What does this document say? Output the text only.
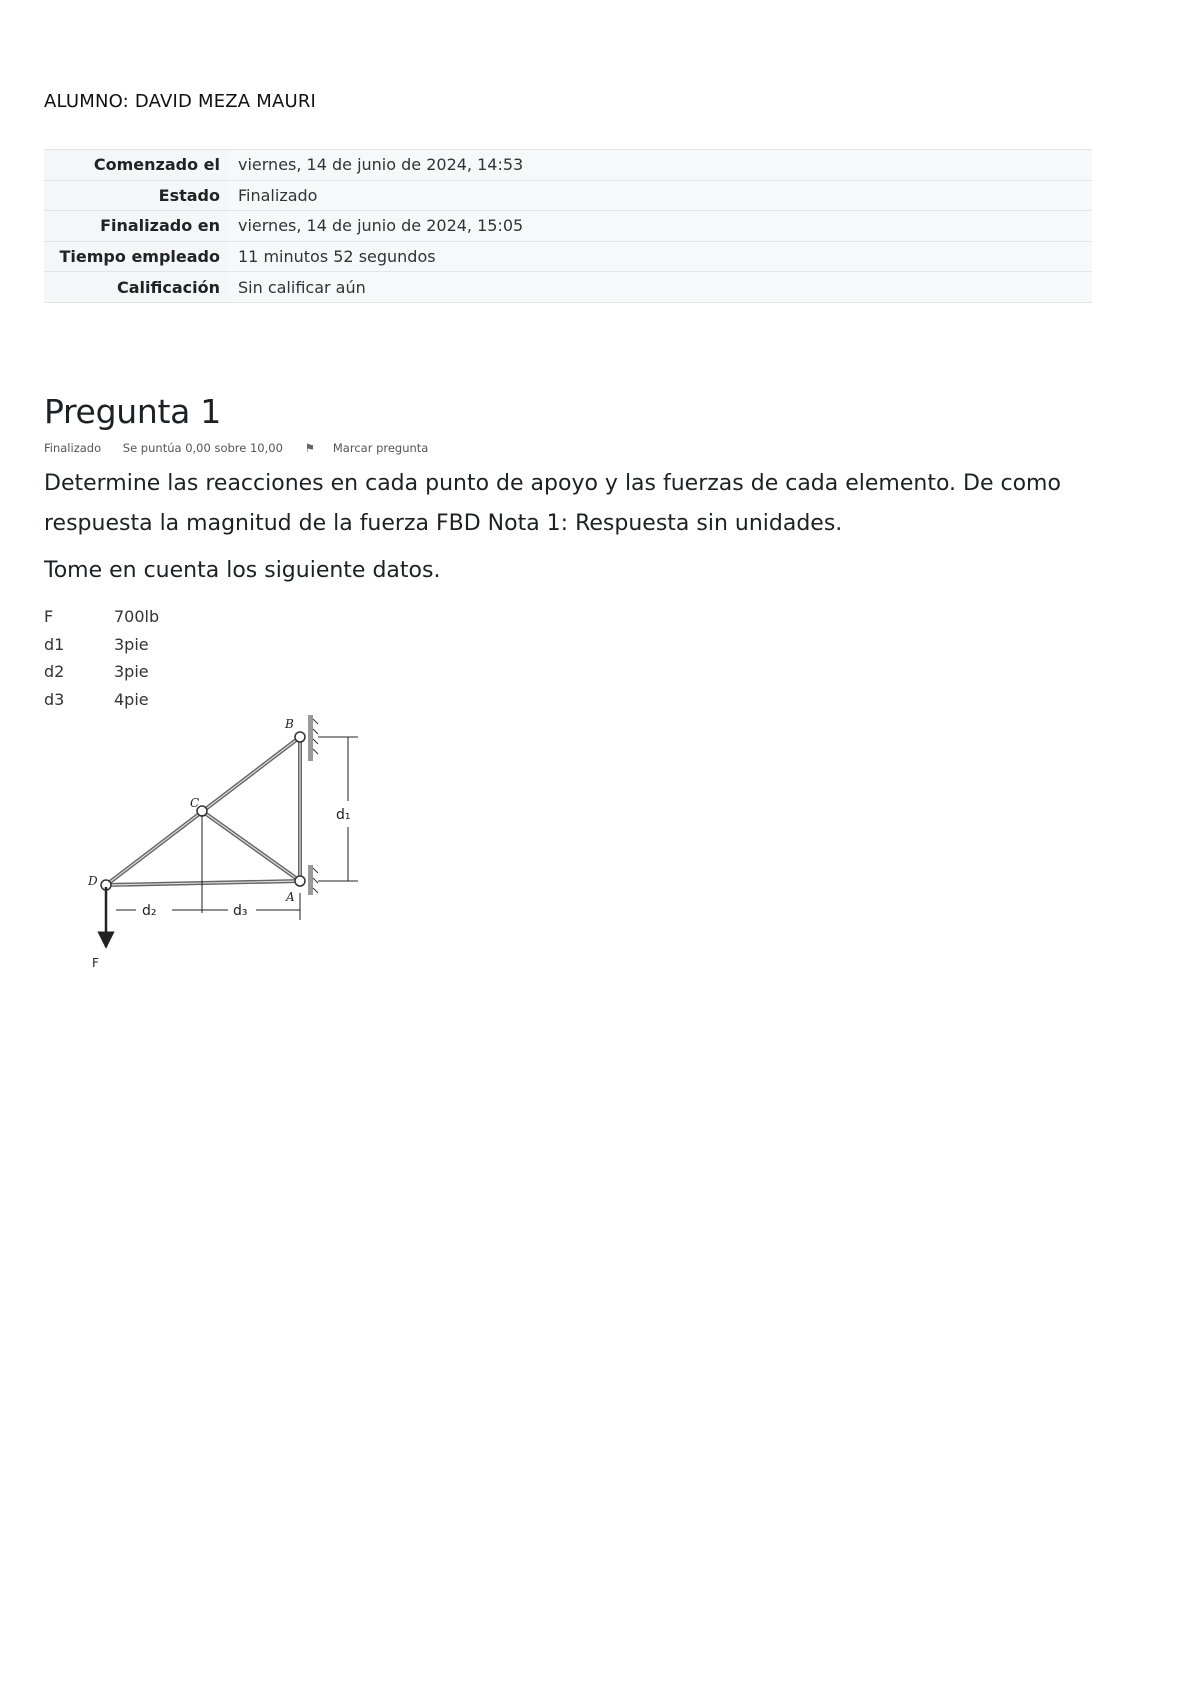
ALUMNO: DAVID MEZA MAURI
Comenzado el	viernes, 14 de junio de 2024, 14:53
Estado	Finalizado
Finalizado en	viernes, 14 de junio de 2024, 15:05
Tiempo empleado	11 minutos 52 segundos
Calificación	Sin calificar aún
Pregunta 1
Finalizado Se puntúa 0,00 sobre 10,00 ⚑ Marcar pregunta

Determine las reacciones en cada punto de apoyo y las fuerzas de cada elemento. De como respuesta la magnitud de la fuerza FBD Nota 1: Respuesta sin unidades.

Tome en cuenta los siguiente datos.

F	700lb
d1	3pie
d2	3pie
d3	4pie
B
C
D
A
F
d₁
d₂	d₃
